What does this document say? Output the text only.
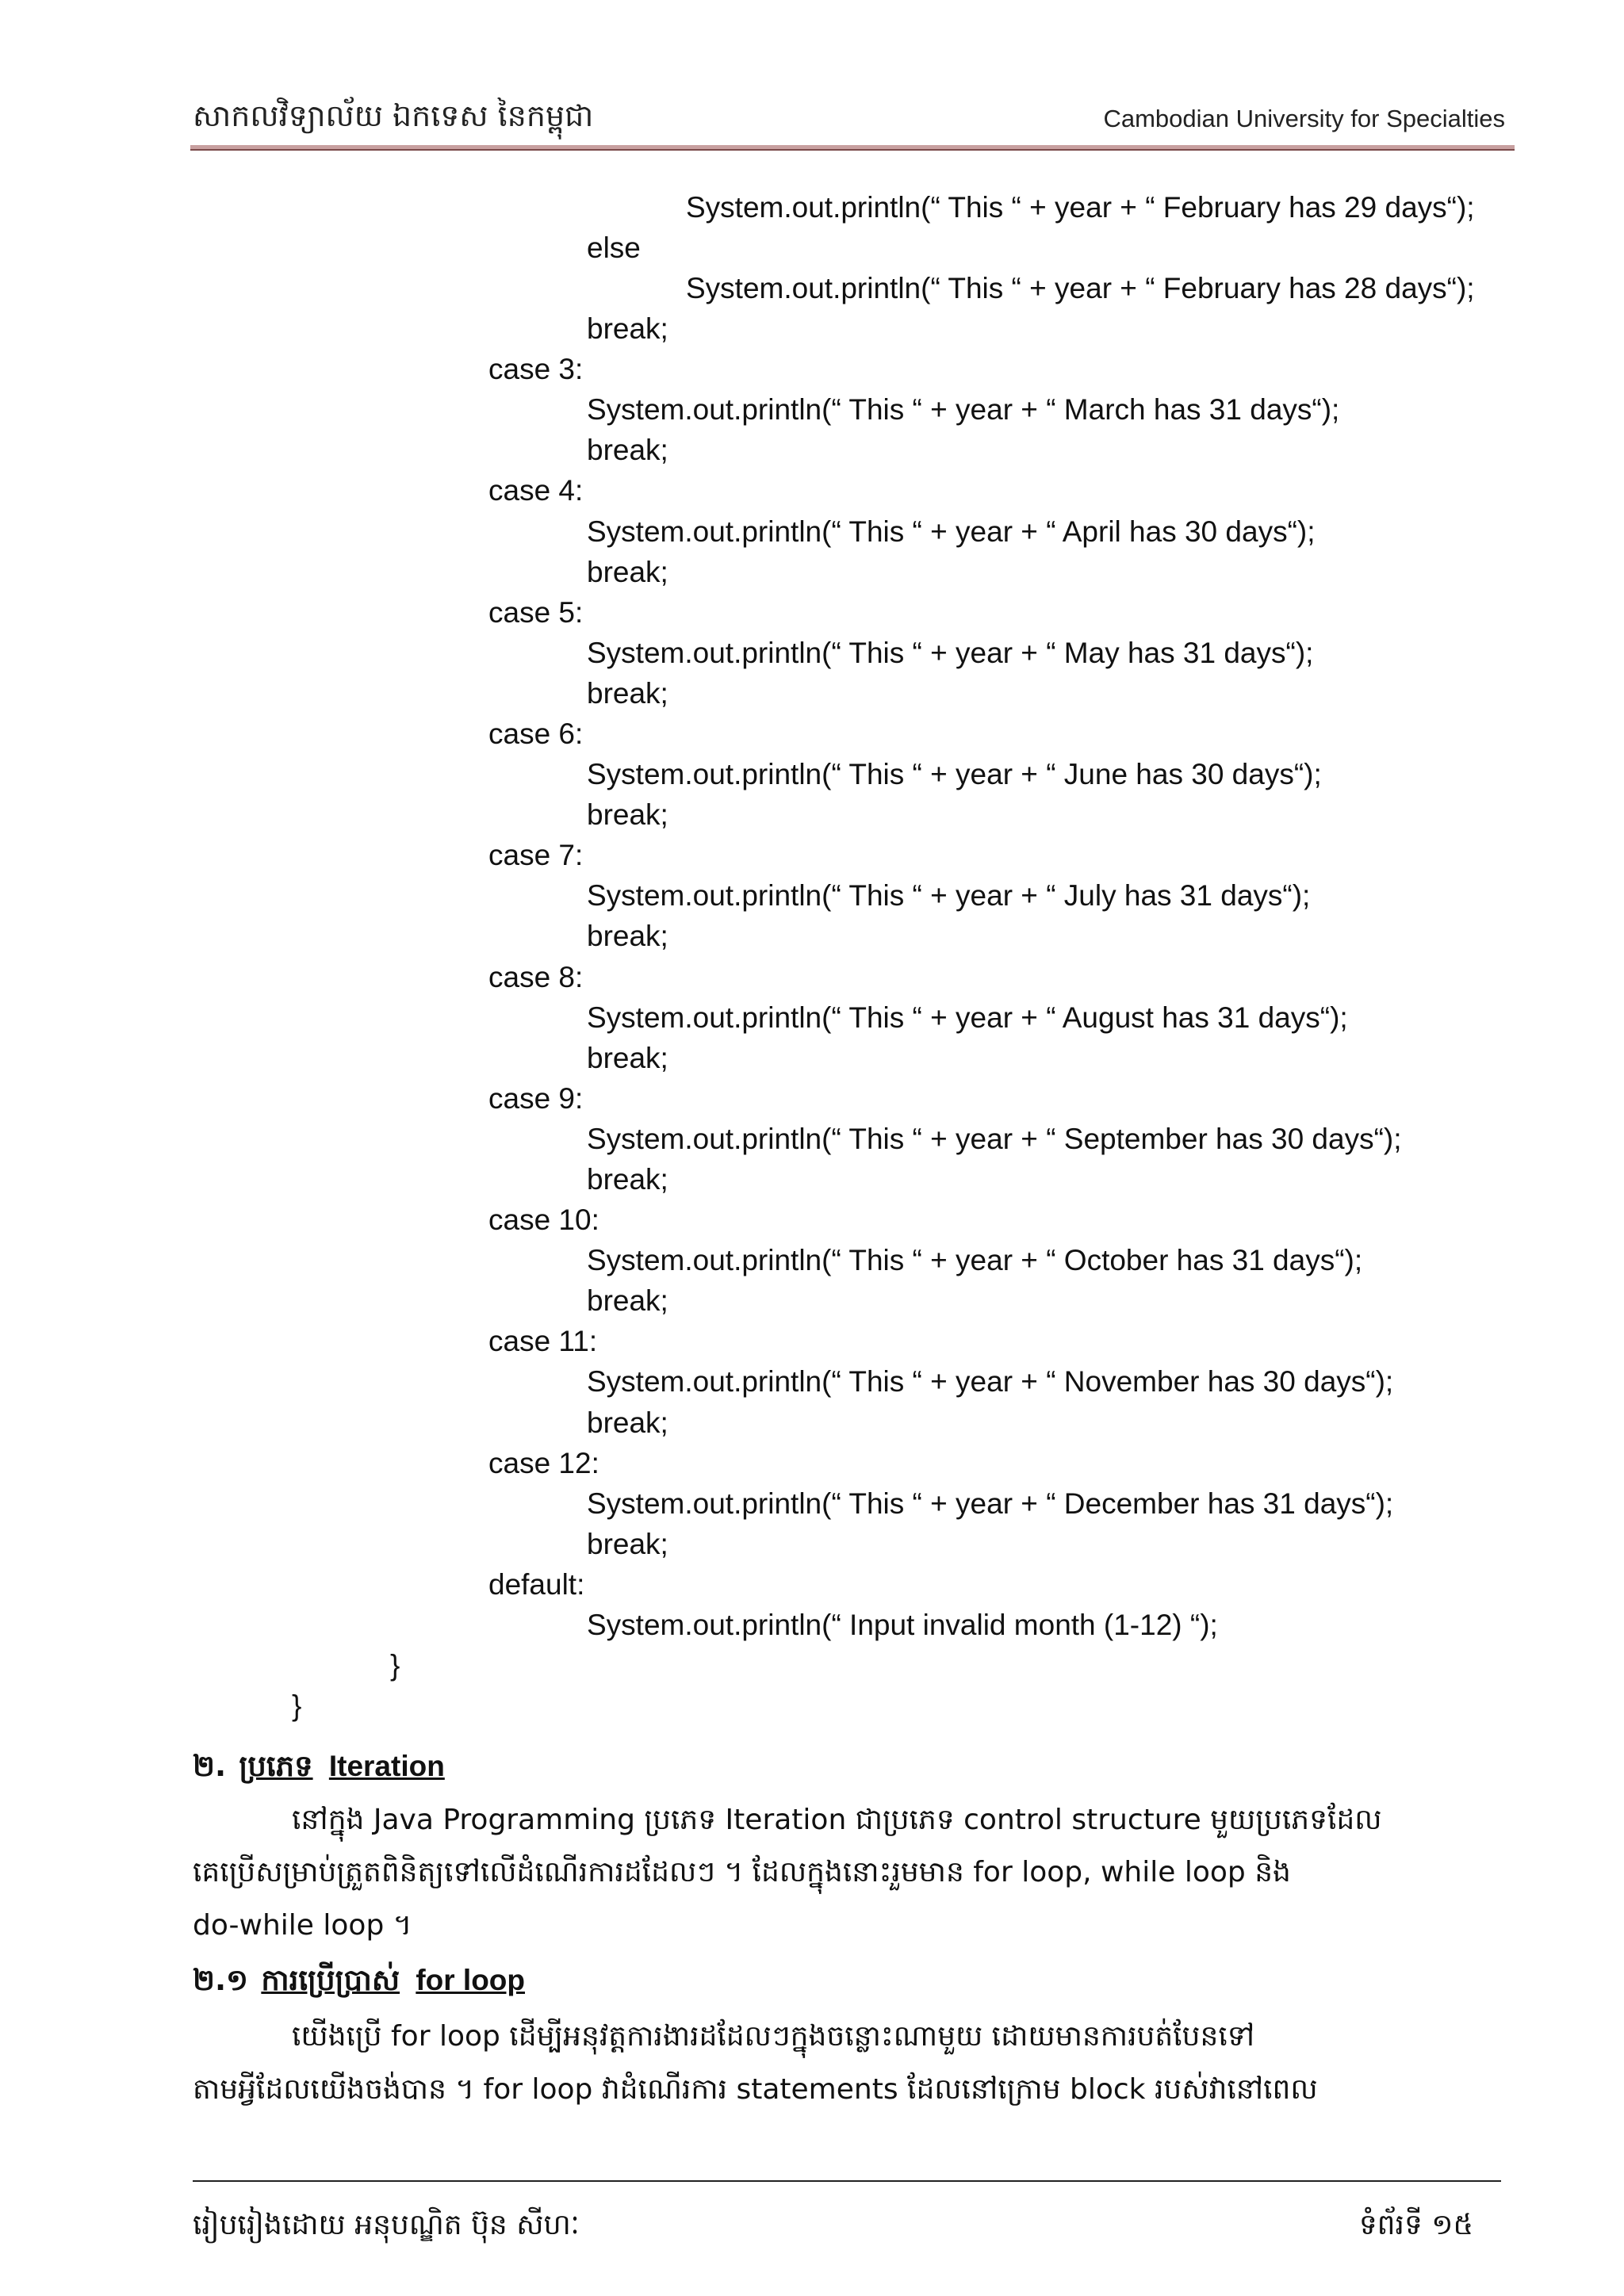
សាកលវិទ្យាល័យ ឯកទេស នៃកម្ពុជា	Cambodian University for Specialties
System.out.println(“ This “ + year + “ February has 29 days“);
else
System.out.println(“ This “ + year + “ February has 28 days“);
break;
case 3:
System.out.println(“ This “ + year + “ March has 31 days“);
break;
case 4:
System.out.println(“ This “ + year + “ April has 30 days“);
break;
case 5:
System.out.println(“ This “ + year + “ May has 31 days“);
break;
case 6:
System.out.println(“ This “ + year + “ June has 30 days“);
break;
case 7:
System.out.println(“ This “ + year + “ July has 31 days“);
break;
case 8:
System.out.println(“ This “ + year + “ August has 31 days“);
break;
case 9:
System.out.println(“ This “ + year + “ September has 30 days“);
break;
case 10:
System.out.println(“ This “ + year + “ October has 31 days“);
break;
case 11:
System.out.println(“ This “ + year + “ November has 30 days“);
break;
case 12:
System.out.println(“ This “ + year + “ December has 31 days“);
break;
default:
System.out.println(“ Input invalid month (1-12) “);
}
}
២. ប្រភេទ Iteration
នៅក្នុង Java Programming ប្រភេទ Iteration ជាប្រភេទ control structure មួយប្រភេទដែល
គេប្រើសម្រាប់ត្រួតពិនិត្យទៅលើដំណើរការដដែលៗ ។ ដែលក្នុងនោះរួមមាន for loop, while loop និង
do-while loop ។
២.១ ការប្រើប្រាស់ for loop
យើងប្រើ for loop ដើម្បីអនុវត្តការងារដដែលៗក្នុងចន្លោះណាមួយ ដោយមានការបត់បែនទៅ
តាមអ្វីដែលយើងចង់បាន ។ for loop វាដំណើរការ statements ដែលនៅក្រោម block របស់វានៅពេល
រៀបរៀងដោយ អនុបណ្ឌិត ប៊ុន សីហៈ	ទំព័រទី ១៥
